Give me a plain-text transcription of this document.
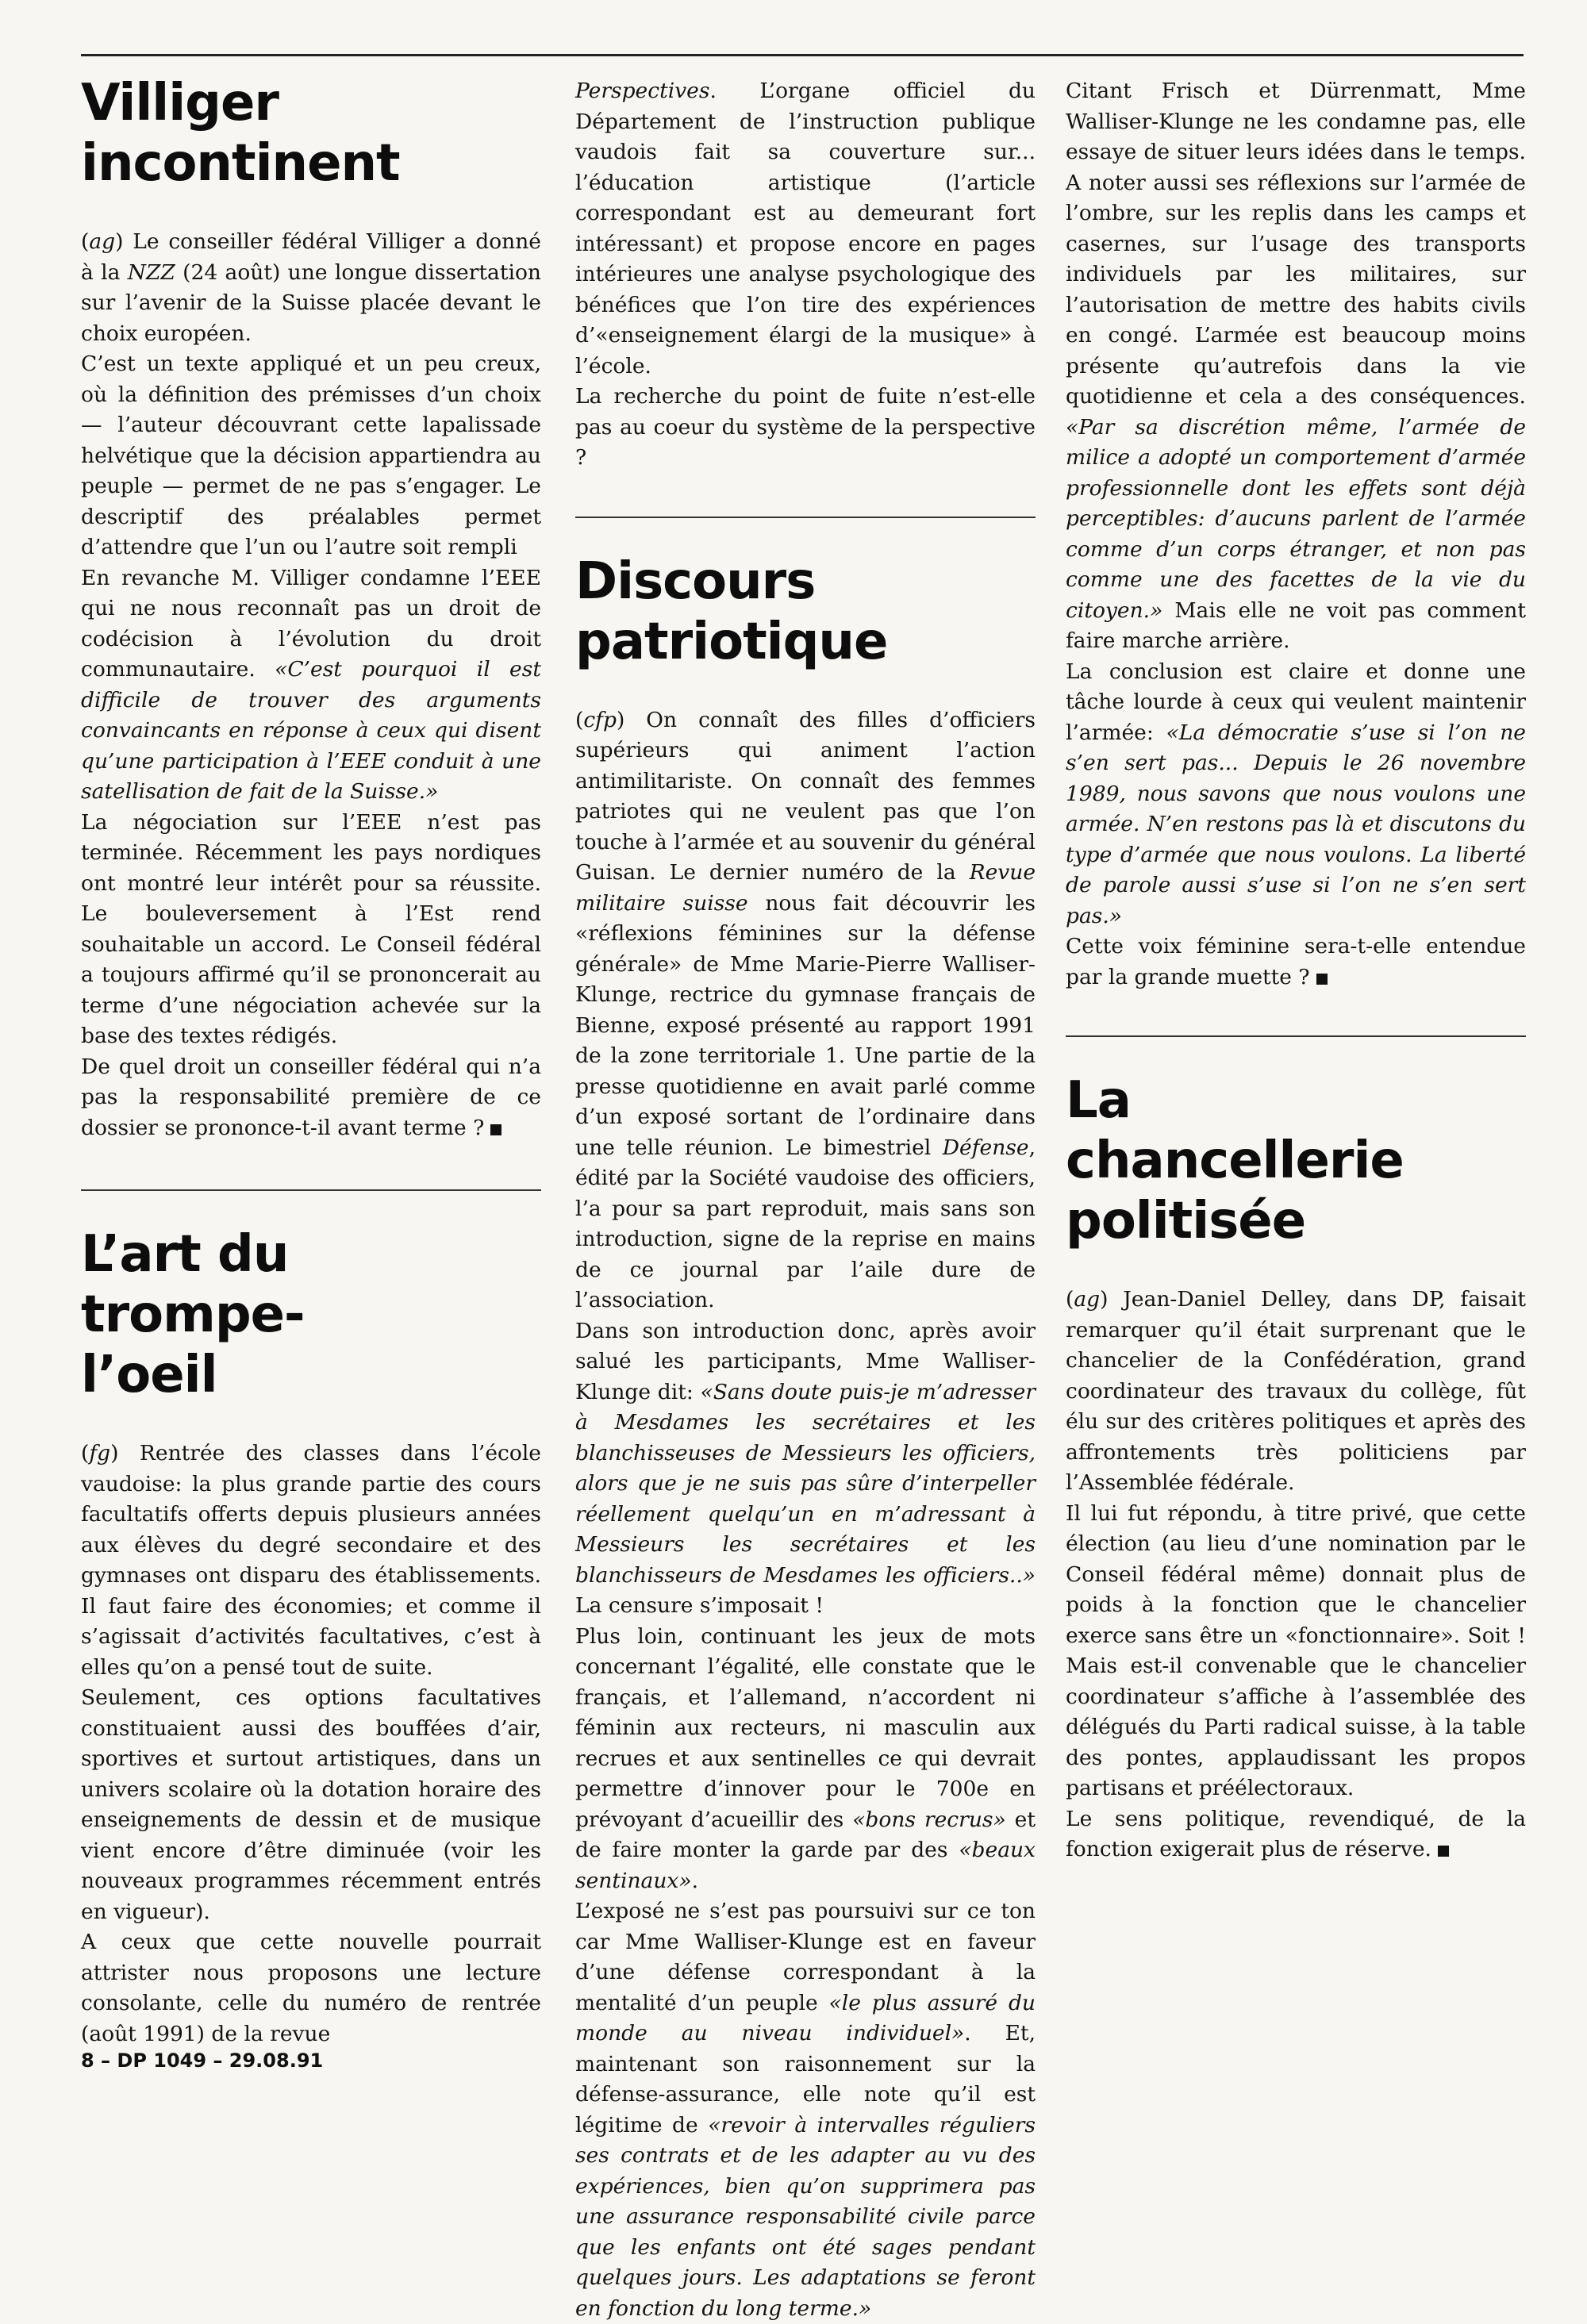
Villiger incontinent

(ag) Le conseiller fédéral Villiger a donné à la NZZ (24 août) une longue dissertation sur l’avenir de la Suisse placée devant le choix européen.

C’est un texte appliqué et un peu creux, où la définition des prémisses d’un choix — l’auteur découvrant cette lapalissade helvétique que la décision appartiendra au peuple — permet de ne pas s’engager. Le descriptif des préalables permet d’attendre que l’un ou l’autre soit rempli

En revanche M. Villiger condamne l’EEE qui ne nous reconnaît pas un droit de codécision à l’évolution du droit communautaire. «C’est pourquoi il est difficile de trouver des arguments convaincants en réponse à ceux qui disent qu’une participation à l’EEE conduit à une satellisation de fait de la Suisse.»

La négociation sur l’EEE n’est pas terminée. Récemment les pays nordiques ont montré leur intérêt pour sa réussite. Le bouleversement à l’Est rend souhaitable un accord. Le Conseil fédéral a toujours affirmé qu’il se prononcerait au terme d’une négociation achevée sur la base des textes rédigés.

De quel droit un conseiller fédéral qui n’a pas la responsabilité première de ce dossier se prononce-t-il avant terme ?

L’art du trompe-l’oeil

(fg) Rentrée des classes dans l’école vaudoise: la plus grande partie des cours facultatifs offerts depuis plusieurs années aux élèves du degré secondaire et des gymnases ont disparu des établissements. Il faut faire des économies; et comme il s’agissait d’activités facultatives, c’est à elles qu’on a pensé tout de suite.

Seulement, ces options facultatives constituaient aussi des bouffées d’air, sportives et surtout artistiques, dans un univers scolaire où la dotation horaire des enseignements de dessin et de musique vient encore d’être diminuée (voir les nouveaux programmes récemment entrés en vigueur).

A ceux que cette nouvelle pourrait attrister nous proposons une lecture consolante, celle du numéro de rentrée (août 1991) de la revue

Perspectives. L’organe officiel du Département de l’instruction publique vaudois fait sa couverture sur... l’éducation artistique (l’article correspondant est au demeurant fort intéressant) et propose encore en pages intérieures une analyse psychologique des bénéfices que l’on tire des expériences d’«enseignement élargi de la musique» à l’école.

La recherche du point de fuite n’est-elle pas au coeur du système de la perspective ?

Discours patriotique

(cfp) On connaît des filles d’officiers supérieurs qui animent l’action antimilitariste. On connaît des femmes patriotes qui ne veulent pas que l’on touche à l’armée et au souvenir du général Guisan. Le dernier numéro de la Revue militaire suisse nous fait découvrir les «réflexions féminines sur la défense générale» de Mme Marie-Pierre Walliser-Klunge, rectrice du gymnase français de Bienne, exposé présenté au rapport 1991 de la zone territoriale 1. Une partie de la presse quotidienne en avait parlé comme d’un exposé sortant de l’ordinaire dans une telle réunion. Le bimestriel Défense, édité par la Société vaudoise des officiers, l’a pour sa part reproduit, mais sans son introduction, signe de la reprise en mains de ce journal par l’aile dure de l’association.

Dans son introduction donc, après avoir salué les participants, Mme Walliser-Klunge dit: «Sans doute puis-je m’adresser à Mesdames les secrétaires et les blanchisseuses de Messieurs les officiers, alors que je ne suis pas sûre d’interpeller réellement quelqu’un en m’adressant à Messieurs les secrétaires et les blanchisseurs de Mesdames les officiers..» La censure s’imposait !

Plus loin, continuant les jeux de mots concernant l’égalité, elle constate que le français, et l’allemand, n’accordent ni féminin aux recteurs, ni masculin aux recrues et aux sentinelles ce qui devrait permettre d’innover pour le 700e en prévoyant d’acueillir des «bons recrus» et de faire monter la garde par des «beaux sentinaux».

L’exposé ne s’est pas poursuivi sur ce ton car Mme Walliser-Klunge est en faveur d’une défense correspondant à la mentalité d’un peuple «le plus assuré du monde au niveau individuel». Et, maintenant son raisonnement sur la défense-assurance, elle note qu’il est légitime de «revoir à intervalles réguliers ses contrats et de les adapter au vu des expériences, bien qu’on supprimera pas une assurance responsabilité civile parce que les enfants ont été sages pendant quelques jours. Les adaptations se feront en fonction du long terme.»

Citant Frisch et Dürrenmatt, Mme Walliser-Klunge ne les condamne pas, elle essaye de situer leurs idées dans le temps. A noter aussi ses réflexions sur l’armée de l’ombre, sur les replis dans les camps et casernes, sur l’usage des transports individuels par les militaires, sur l’autorisation de mettre des habits civils en congé. L’armée est beaucoup moins présente qu’autrefois dans la vie quotidienne et cela a des conséquences. «Par sa discrétion même, l’armée de milice a adopté un comportement d’armée professionnelle dont les effets sont déjà perceptibles: d’aucuns parlent de l’armée comme d’un corps étranger, et non pas comme une des facettes de la vie du citoyen.» Mais elle ne voit pas comment faire marche arrière.

La conclusion est claire et donne une tâche lourde à ceux qui veulent maintenir l’armée: «La démocratie s’use si l’on ne s’en sert pas... Depuis le 26 novembre 1989, nous savons que nous voulons une armée. N’en restons pas là et discutons du type d’armée que nous voulons. La liberté de parole aussi s’use si l’on ne s’en sert pas.»

Cette voix féminine sera-t-elle entendue par la grande muette ?

La chancellerie politisée

(ag) Jean-Daniel Delley, dans DP, faisait remarquer qu’il était surprenant que le chancelier de la Confédération, grand coordinateur des travaux du collège, fût élu sur des critères politiques et après des affrontements très politiciens par l’Assemblée fédérale.

Il lui fut répondu, à titre privé, que cette élection (au lieu d’une nomination par le Conseil fédéral même) donnait plus de poids à la fonction que le chancelier exerce sans être un «fonctionnaire». Soit ! Mais est-il convenable que le chancelier coordinateur s’affiche à l’assemblée des délégués du Parti radical suisse, à la table des pontes, applaudissant les propos partisans et préélectoraux.

Le sens politique, revendiqué, de la fonction exigerait plus de réserve.

8 – DP 1049 – 29.08.91
